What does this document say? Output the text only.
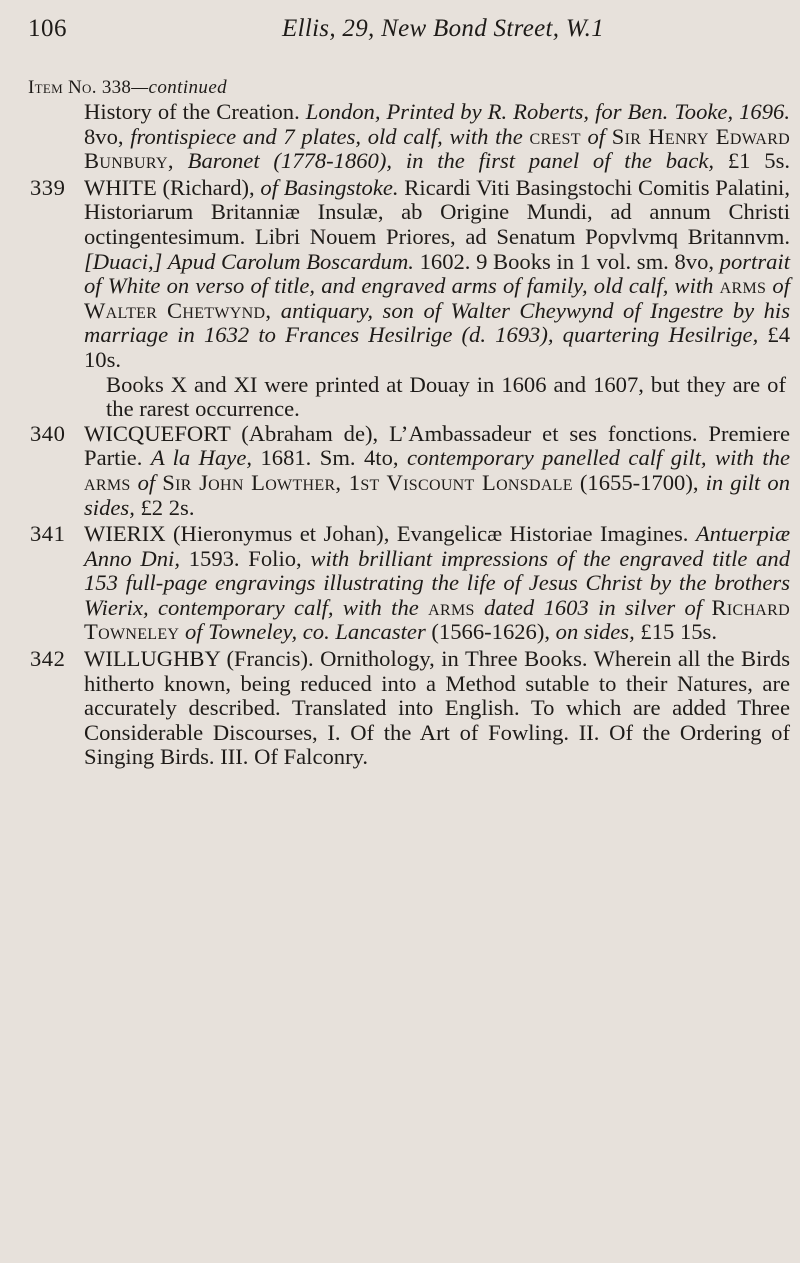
106	Ellis, 29, New Bond Street, W.1
Item No. 338—continued
History of the Creation. London, Printed by R. Roberts, for Ben. Tooke, 1696. 8vo, frontispiece and 7 plates, old calf, with the crest of Sir Henry Edward Bunbury, Baronet (1778-1860), in the first panel of the back, £1 5s.
339 WHITE (Richard), of Basingstoke. Ricardi Viti Basingstochi Comitis Palatini, Historiarum Britanniæ Insulæ, ab Origine Mundi, ad annum Christi octingentesimum. Libri Nouem Priores, ad Senatum Popvlvmq Britannvm. [Duaci,] Apud Carolum Boscardum. 1602. 9 Books in 1 vol. sm. 8vo, portrait of White on verso of title, and engraved arms of family, old calf, with arms of Walter Chetwynd, antiquary, son of Walter Cheywynd of Ingestre by his marriage in 1632 to Frances Hesilrige (d. 1693), quartering Hesilrige, £4 10s.
Books X and XI were printed at Douay in 1606 and 1607, but they are of the rarest occurrence.
340 WICQUEFORT (Abraham de), L’Ambassadeur et ses fonctions. Premiere Partie. A la Haye, 1681. Sm. 4to, contemporary panelled calf gilt, with the arms of Sir John Lowther, 1st Viscount Lonsdale (1655-1700), in gilt on sides, £2 2s.
341 WIERIX (Hieronymus et Johan), Evangelicæ Historiae Imagines. Antuerpiæ Anno Dni, 1593. Folio, with brilliant impressions of the engraved title and 153 full-page engravings illustrating the life of Jesus Christ by the brothers Wierix, contemporary calf, with the arms dated 1603 in silver of Richard Towneley of Towneley, co. Lancaster (1566-1626), on sides, £15 15s.
342 WILLUGHBY (Francis). Ornithology, in Three Books. Wherein all the Birds hitherto known, being reduced into a Method sutable to their Natures, are accurately described. Translated into English. To which are added Three Considerable Discourses, I. Of the Art of Fowling. II. Of the Ordering of Singing Birds. III. Of Falconry.
